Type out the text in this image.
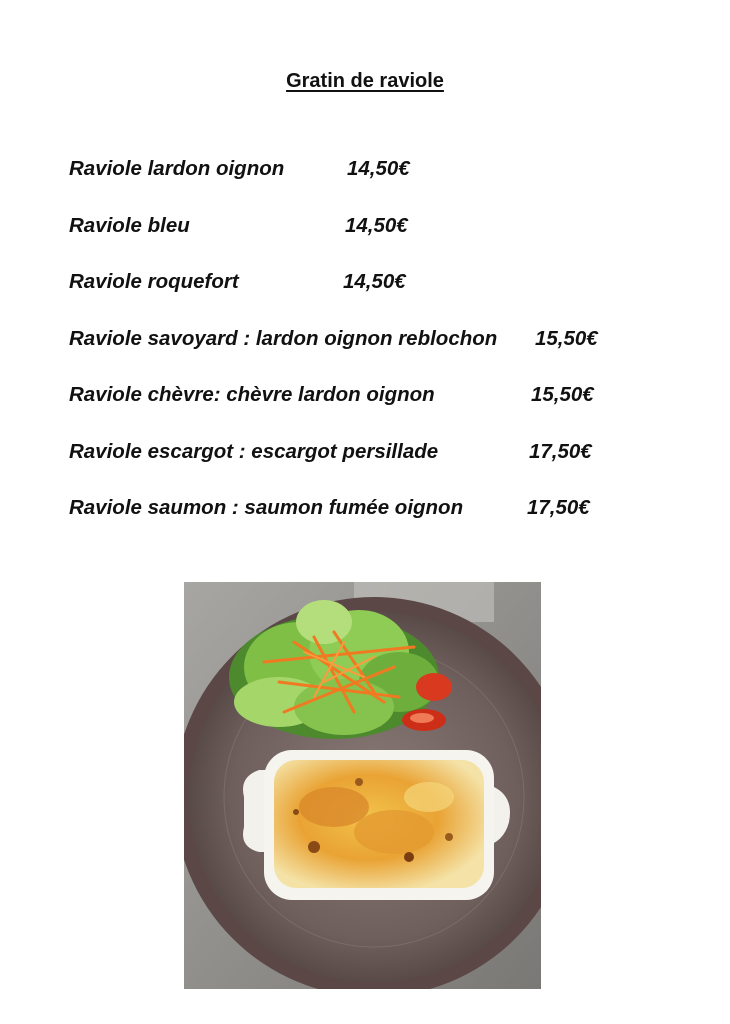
Gratin de raviole
Raviole lardon oignon	14,50€
Raviole bleu	14,50€
Raviole roquefort	14,50€
Raviole savoyard : lardon oignon reblochon 15,50€
Raviole chèvre: chèvre lardon oignon	15,50€
Raviole escargot : escargot persillade	17,50€
Raviole saumon : saumon fumée oignon	17,50€
